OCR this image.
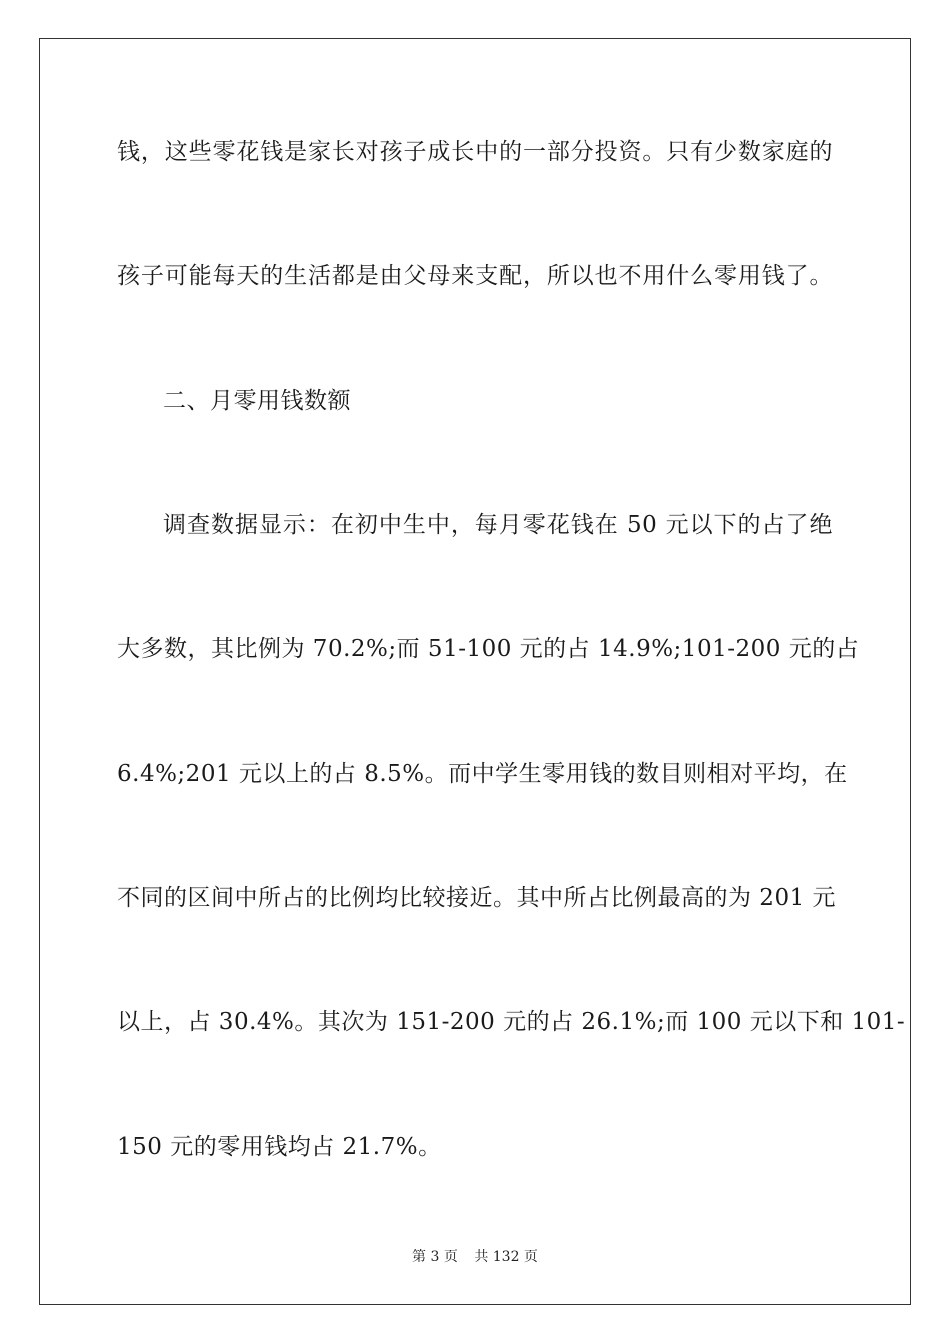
钱，这些零花钱是家长对孩子成长中的一部分投资。只有少数家庭的
孩子可能每天的生活都是由父母来支配，所以也不用什么零用钱了。
二、月零用钱数额
调查数据显示：在初中生中，每月零花钱在 50 元以下的占了绝
大多数，其比例为 70.2%;而 51-100 元的占 14.9%;101-200 元的占
6.4%;201 元以上的占 8.5%。而中学生零用钱的数目则相对平均，在
不同的区间中所占的比例均比较接近。其中所占比例最高的为 201 元
以上，占 30.4%。其次为 151-200 元的占 26.1%;而 100 元以下和 101-
150 元的零用钱均占 21.7%。
第 3 页 共 132 页
